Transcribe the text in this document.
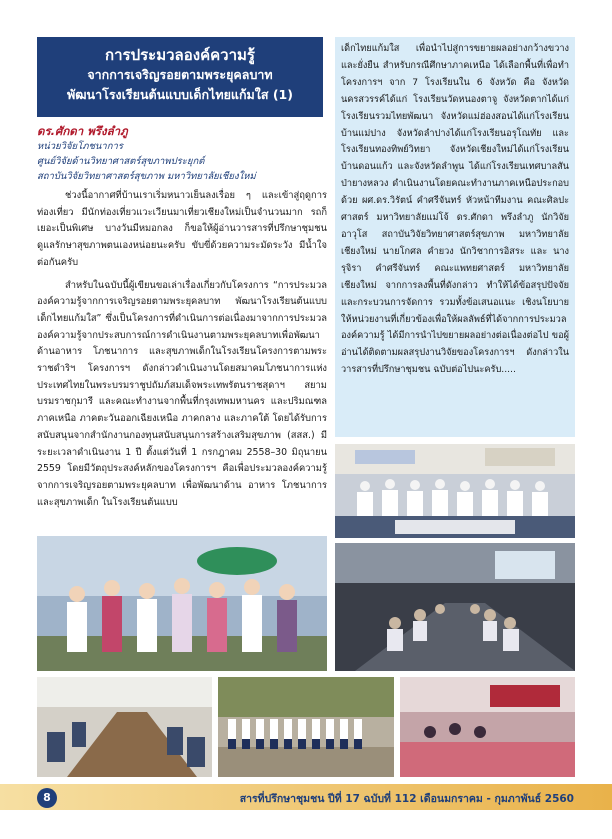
การประมวลองค์ความรู้
จากการเจริญรอยตามพระยุคลบาท
พัฒนาโรงเรียนต้นแบบเด็กไทยแก้มใส (1)
ดร.ศักดา พรึงลำภู
หน่วยวิจัยโภชนาการ
ศูนย์วิจัยด้านวิทยาศาสตร์สุขภาพประยุกต์
สถาบันวิจัยวิทยาศาสตร์สุขภาพ มหาวิทยาลัยเชียงใหม่

ช่วงนี้อากาศที่บ้านเราเริ่มหนาวเย็นลงเรื่อย ๆ และเข้าสู่ฤดูการท่องเที่ยว มีนักท่องเที่ยวแวะเวียนมาเที่ยวเชียงใหม่เป็นจำนวนมาก รถก็เยอะเป็นพิเศษ บางวันมีหมอกลง ก็ขอให้ผู้อ่านวารสารที่ปรึกษาชุมชน ดูแลรักษาสุขภาพตนเองหน่อยนะครับ ขับขี่ด้วยความระมัดระวัง มีน้ำใจต่อกันครับ

สำหรับในฉบับนี้ผู้เขียนขอเล่าเรื่องเกี่ยวกับโครงการ “การประมวลองค์ความรู้จากการเจริญรอยตามพระยุคลบาท พัฒนาโรงเรียนต้นแบบเด็กไทยแก้มใส” ซึ่งเป็นโครงการที่ดำเนินการต่อเนื่องมาจากการประมวลองค์ความรู้จากประสบการณ์การดำเนินงานตามพระยุคลบาทเพื่อพัฒนาด้านอาหาร โภชนาการ และสุขภาพเด็กในโรงเรียนโครงการตามพระราชดำริฯ โครงการฯ ดังกล่าวดำเนินงานโดยสมาคมโภชนาการแห่งประเทศไทยในพระบรมราชูปถัมภ์สมเด็จพระเทพรัตนราชสุดาฯ สยามบรมราชกุมารี และคณะทำงานจากพื้นที่กรุงเทพมหานคร และปริมณฑล ภาคเหนือ ภาคตะวันออกเฉียงเหนือ ภาคกลาง และภาคใต้ โดยได้รับการสนับสนุนจากสำนักงานกองทุนสนับสนุนการสร้างเสริมสุขภาพ (สสส.) มีระยะเวลาดำเนินงาน 1 ปี ตั้งแต่วันที่ 1 กรกฎาคม 2558–30 มิถุนายน 2559 โดยมีวัตถุประสงค์หลักของโครงการฯ คือเพื่อประมวลองค์ความรู้จากการเจริญรอยตามพระยุคลบาท เพื่อพัฒนาด้าน อาหาร โภชนาการ และสุขภาพเด็ก ในโรงเรียนต้นแบบ

เด็กไทยแก้มใส เพื่อนำไปสู่การขยายผลอย่างกว้างขวางและยั่งยืน สำหรับกรณีศึกษาภาคเหนือ ได้เลือกพื้นที่เพื่อทำโครงการฯ จาก 7 โรงเรียนใน 6 จังหวัด คือ จังหวัดนครสวรรค์ได้แก่ โรงเรียนวัดหนองตาจู จังหวัดตากได้แก่โรงเรียนรวมไทยพัฒนา จังหวัดแม่ฮ่องสอนได้แก่โรงเรียนบ้านแม่ปาง จังหวัดลำปางได้แก่โรงเรียนอรุโณทัย และโรงเรียนทองทิพย์วิทยา จังหวัดเชียงใหม่ได้แก่โรงเรียนบ้านดอนแก้ว และจังหวัดลำพูน ได้แก่โรงเรียนเทศบาลสันป่ายางหลวง ดำเนินงานโดยคณะทำงานภาคเหนือประกอบด้วย ผศ.ดร.วิรัตน์ คำศรีจันทร์ หัวหน้าทีมงาน คณะศิลปะศาสตร์ มหาวิทยาลัยแม่โจ้ ดร.ศักดา พรึงลำภู นักวิจัยอาวุโส สถาบันวิจัยวิทยาศาสตร์สุขภาพ มหาวิทยาลัยเชียงใหม่ นายโกศล คำยวง นักวิชาการอิสระ และ นางรุจิรา คำศรีจันทร์ คณะแพทยศาสตร์ มหาวิทยาลัยเชียงใหม่ จากการลงพื้นที่ดังกล่าว ทำให้ได้ข้อสรุปปัจจัยและกระบวนการจัดการ รวมทั้งข้อเสนอแนะ เชิงนโยบายให้หน่วยงานที่เกี่ยวข้องเพื่อให้ผลลัพธ์ที่ได้จากการประมวลองค์ความรู้ ได้มีการนำไปขยายผลอย่างต่อเนื่องต่อไป ขอผู้อ่านได้ติดตามผลสรุปงานวิจัยของโครงการฯ ดังกล่าวในวารสารที่ปรึกษาชุมชน ฉบับต่อไปนะครับ.....

8	สารที่ปรึกษาชุมชน ปีที่ 17 ฉบับที่ 112 เดือนมกราคม - กุมภาพันธ์ 2560
